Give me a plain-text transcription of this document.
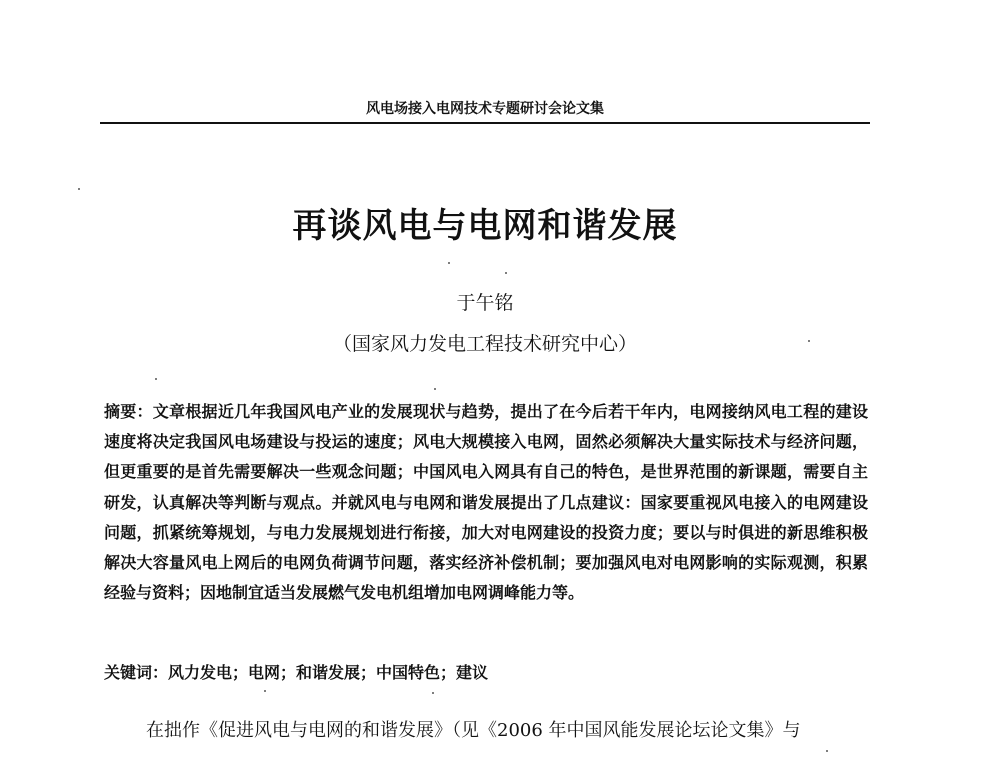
风电场接入电网技术专题研讨会论文集
再谈风电与电网和谐发展
于午铭
（国家风力发电工程技术研究中心）
摘要：文章根据近几年我国风电产业的发展现状与趋势，提出了在今后若干年内，电网接纳风电工程的建设速度将决定我国风电场建设与投运的速度；风电大规模接入电网，固然必须解决大量实际技术与经济问题，但更重要的是首先需要解决一些观念问题；中国风电入网具有自己的特色，是世界范围的新课题，需要自主研发，认真解决等判断与观点。并就风电与电网和谐发展提出了几点建议：国家要重视风电接入的电网建设问题，抓紧统筹规划，与电力发展规划进行衔接，加大对电网建设的投资力度；要以与时俱进的新思维积极解决大容量风电上网后的电网负荷调节问题，落实经济补偿机制；要加强风电对电网影响的实际观测，积累经验与资料；因地制宜适当发展燃气发电机组增加电网调峰能力等。
关键词：风力发电；电网；和谐发展；中国特色；建议
在拙作《促进风电与电网的和谐发展》（见《2006 年中国风能发展论坛论文集》与
